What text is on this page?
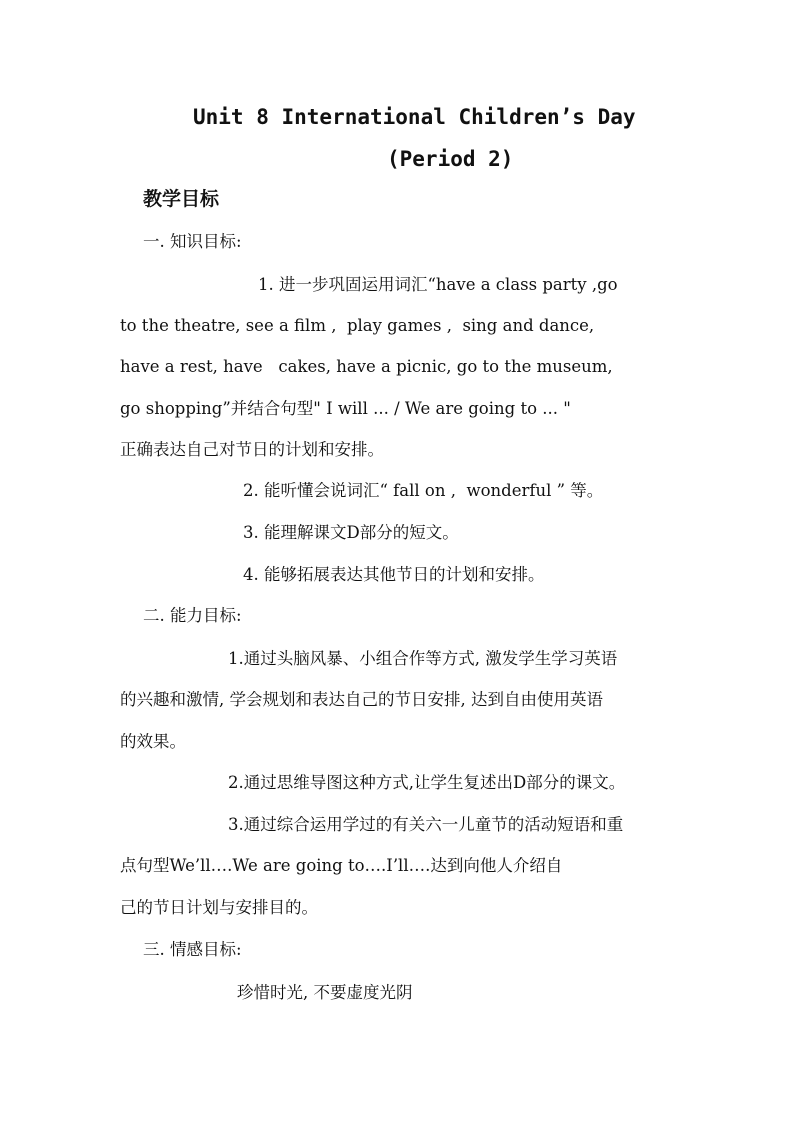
Unit 8 International Children’s Day
(Period 2)
教学目标
一. 知识目标:
1. 进一步巩固运用词汇“have a class party ,go
to the theatre, see a film ,  play games ,  sing and dance,
have a rest, have   cakes, have a picnic, go to the museum,
go shopping”并结合句型" I will ... / We are going to ... "
正确表达自己对节日的计划和安排。
2. 能听懂会说词汇“ fall on ,  wonderful ” 等。
3. 能理解课文D部分的短文。
4. 能够拓展表达其他节日的计划和安排。
二. 能力目标:
1.通过头脑风暴、小组合作等方式, 激发学生学习英语
的兴趣和激情, 学会规划和表达自己的节日安排, 达到自由使用英语
的效果。
2.通过思维导图这种方式,让学生复述出D部分的课文。
3.通过综合运用学过的有关六一儿童节的活动短语和重
点句型We’ll….We are going to….I’ll….达到向他人介绍自
己的节日计划与安排目的。
三. 情感目标:
珍惜时光, 不要虚度光阴
